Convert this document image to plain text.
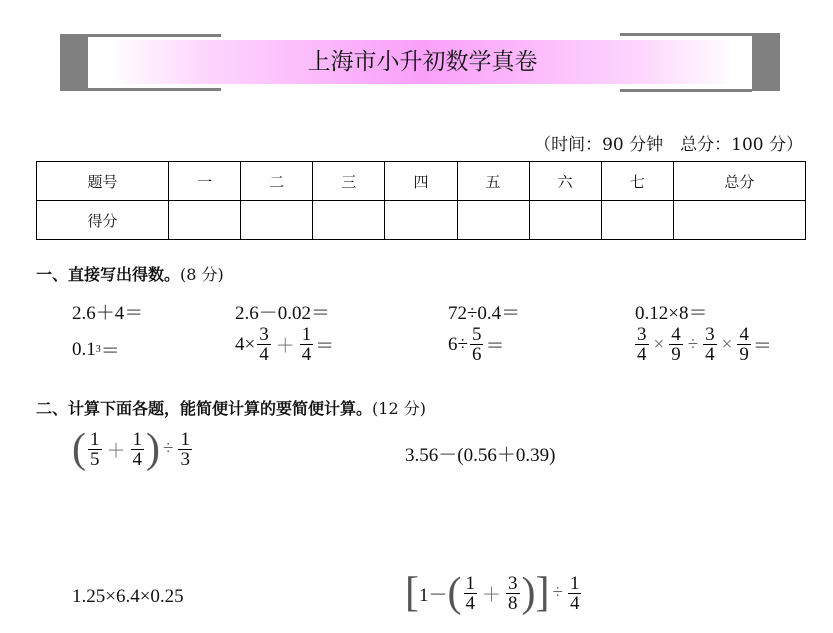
上海市小升初数学真卷
（时间：90 分钟　总分：100 分）
题号	一	二	三	四	五	六	七	总分
得分								
一、直接写出得数。(8 分)
2.6＋4＝	2.6－0.02＝	72÷0.4＝	0.12×8＝
0.1 3 ＝	$4\times \frac{3}{4}$ ＋
1
4 ＝	$6\div \frac{5}{6}$ ＝	$\frac{3}{4} \times \frac{4}{9} \div \frac{3}{4} \times \frac{4}{9}$ ＝
二、计算下面各题，能简便计算的要简便计算。(12 分)
( 1
5 ＋
1
4 ) ÷ $\frac{1}{3}$	3.56－(0.56＋0.39)
1.25×6.4×0.25	[ 1－ ( 1
4 ＋
3
8 ) ] ÷ $\frac{1}{4}$
